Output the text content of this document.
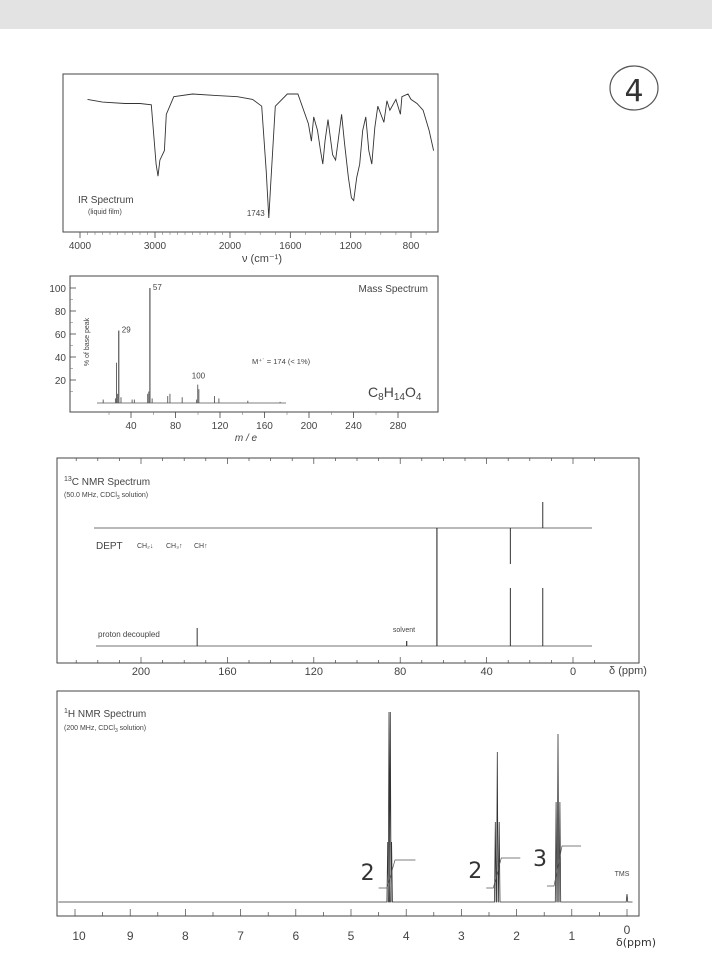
4
IR Spectrum
(liquid film)	1743
4000	3000	2000	1600	1200	800
ν (cm⁻¹)
Mass Spectrum
% of base peak
100
80
60
40
20
29
57
100
40	80	120	160	200	240	280
M⁺˙ = 174 (< 1%)
$C_8H_{14}O_4$
m / e
$^{13}$C NMR Spectrum
(50.0 MHz, CDCl$_3$ solution)
DEPT CH₂↓ CH₃↑ CH↑
proton decoupled	solvent
200	160	120	80	40	0	δ (ppm)
$^1$H NMR Spectrum
(200 MHz, CDCl$_3$ solution)
2	2 3
TMS
10	9	8	7	6	5	4	3	2	1	0
δ(ppm)
